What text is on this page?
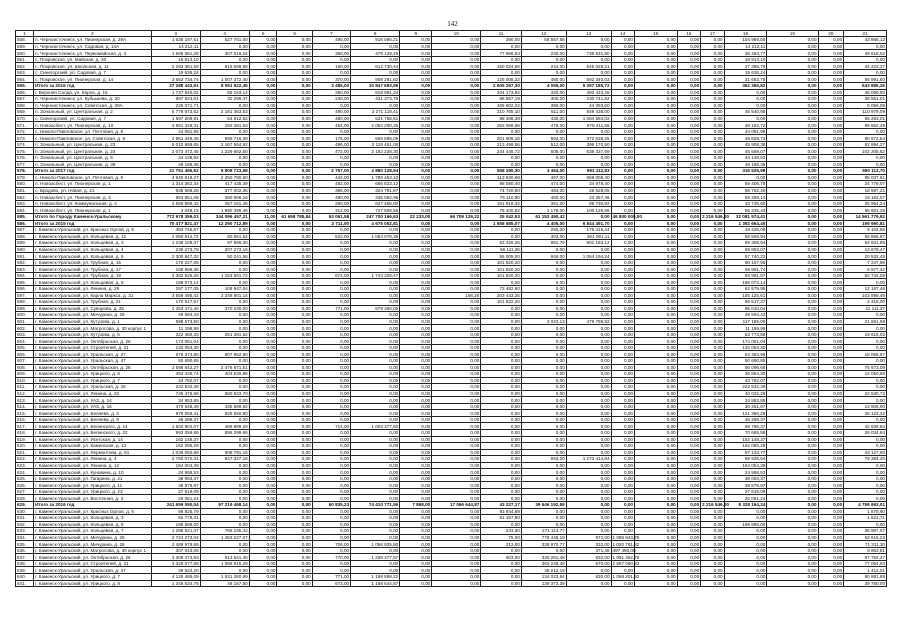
142
1	2	3	4	5	6	7	8	9	10	11	12	13	14	15	16	17	18	19	20	21
558.	п. Черноисточинск, ул. Пионерская, д. 29А	1 635 197,51	527 701,00	0,00	0,00	495,00	916 066,21	0,00	0,00	390,00	58 557,68	0,00	0,00	0,00	0,00	0,00	104 989,50	0,00	0,00	43 865,13
559.	п. Черноисточинск, ул. Садовая, д. 14А	14 212,11	0,00	0,00	0,00	0,00	0,00	0,00	0,00	0,00	0,00	0,00	0,00	0,00	0,00	0,00	14 212,11	0,00	0,00	0,00
560.	п. Черноисточинск, ул. Первомайская, д. 4	1 669 681,28	307 516,24	0,00	0,00	360,00	479 129,45	0,00	0,00	77 956,83	230,00	738 631,80	0,00	0,00	0,00	0,00	38 484,77	0,00	0,00	49 618,02
561.	с. Покровское, ул. Майская, д. 30	18 913,10	0,00	0,00	0,00	0,00	0,00	0,00	0,00	0,00	0,00	0,00	0,00	0,00	0,00	0,00	18 913,10	0,00	0,00	0,00
562.	с. Покровское, ул. Школьная, д. 11	2 293 361,69	915 698,68	0,00	0,00	160,00	612 730,44	0,00	0,00	150 024,68	244,00	545 029,21	0,00	0,00	0,00	0,00	27 385,79	0,00	0,00	44 223,37
563.	с. Синегорский, ул. Садовая, д. 7	19 636,24	0,00	0,00	0,00	0,00	0,00	0,00	0,00	0,00	0,00	0,00	0,00	0,00	0,00	0,00	19 636,24	0,00	0,00	0,00
564.	с. Покровское, ул. Пионерская, д. 14	3 652 734,74	1 007 372,40	0,00	0,00	370,00	908 281,62	0,00	0,00	125 005,22	480,00	592 340,03	0,00	0,00	0,00	0,00	31 663,76	0,00	0,00	56 991,60
565.	Итого за 2016 год	27 288 443,91	8 051 922,45	0,00	0,00	3 485,00	10 847 683,96	0,00	0,00	2 605 297,30	4 095,00	5 397 185,72	0,00	0,00	0,00	0,00	362 366,82	0,00	0,00	643 885,26
566.	г. Верхняя Салда, ул. Карла, д. 15	1 727 840,02	65 163,14	0,00	0,00	350,00	818 981,34	0,00	0,00	334 173,94	320,00	493 423,28	0,00	0,00	0,00	0,00	0,00	0,00	0,00	46 099,50
567.	п. Черноисточинск, ул. Кубышева, д. 30	897 823,01	30 299,47	0,00	0,00	230,00	431 373,78	0,00	0,00	86 857,19	300,00	230 741,82	0,00	0,00	0,00	0,00	0,00	0,00	0,00	38 551,01
568.	п. Черноисточинск, ул. Советская, д. 39А	225 071,71	0,00	0,00	0,00	0,00	0,00	0,00	0,00	165 602,22	390,00	44 393,60	0,00	0,00	0,00	0,00	0,00	0,00	0,00	5 056,09
569.	п. Зональный, ул. Центральная, д. 2	5 778 673,62	2 181 363,63	0,00	0,00	490,00	2 271 118,41	0,00	0,00	210 765,10	511,00	849 438,00	0,00	0,00	0,00	0,00	45 540,95	0,00	0,00	110 979,09
570.	с. Синегорский, ул. Садовая, д. 7	1 597 209,91	64 812,52	0,00	0,00	480,00	531 756,51	0,00	0,00	88 488,38	430,00	1 064 584,02	0,00	0,00	0,00	0,00	0,00	0,00	0,00	55 283,01
571.	п. Новоасбест, ул. Пионерская, д. 10	4 961 329,31	192 281,53	0,00	0,00	484,00	2 062 200,35	0,00	0,00	283 069,68	476,00	879 411,58	0,00	0,00	0,00	0,00	48 162,72	0,00	0,00	99 862,49
572.	с. Николо-Павловское, ул. Почтовая, д. 8	44 081,96	0,00	0,00	0,00	0,00	0,00	0,00	0,00	0,00	0,00	0,00	0,00	0,00	0,00	0,00	44 081,96	0,00	0,00	0,00
573.	с. Николо-Павловское, ул. Советская, д. 8	2 961 449,46	695 716,39	0,00	0,00	176,00	665 695,09	0,00	0,00	201 606,16	504,00	372 535,25	0,00	0,00	0,00	0,00	45 829,73	0,00	0,00	80 572,54
574.	п. Зональный, ул. Центральная, д. 23	5 010 869,65	2 167 564,92	0,00	0,00	496,00	2 115 451,08	0,00	0,00	213 499,56	512,00	396 170,50	0,00	0,00	0,00	0,00	45 908,38	0,00	0,00	82 994,27
575.	п. Зональный, ул. Центральная, д. 24	2 073 472,45	1 229 662,50	0,00	0,00	472,00	2 182 238,30	0,00	0,00	244 445,72	506,00	638 337,69	0,00	0,00	0,00	0,00	45 558,07	0,00	0,00	102 205,62
576.	п. Зональный, ул. Центральная, д. 6	44 138,92	0,00	0,00	0,00	0,00	0,00	0,00	0,00	0,00	0,00	0,00	0,00	0,00	0,00	0,00	44 138,92	0,00	0,00	0,00
577.	п. Зональный, ул. Центральная, д. 39	49 188,36	0,00	0,00	0,00	0,00	0,00	0,00	0,00	0,00	0,00	0,00	0,00	0,00	0,00	0,00	49 188,36	0,00	0,00	0,00
578.	Итого за 2017 год	21 751 456,52	5 908 723,68	0,00	0,00	2 757,00	4 880 128,94	0,00	0,00	558 290,30	3 464,00	981 112,83	0,00	0,00	0,00	0,00	316 526,98	0,00	0,00	590 113,70
579.	с. Николо-Павловское, ул. Почтовая, д. 9	4 640 918,27	2 250 780,60	0,00	0,00	442,00	1 786 453,10	0,00	0,00	113 630,98	467,00	659 008,40	0,00	0,00	0,00	0,00	0,00	0,00	0,00	95 037,61
580.	п. Новоасбест, ул. Пионерская, д. 1	1 314 382,34	417 435,39	0,00	0,00	482,00	666 823,12	0,00	0,00	98 080,40	474,00	34 978,40	0,00	0,00	0,00	0,00	59 406,79	0,00	0,00	24 778,07
581.	с. Бродово, ул. Новая, д. 21	935 668,28	377 002,35	0,00	0,00	396,00	324 791,87	0,00	0,00	74 720,80	494,00	26 528,05	0,00	0,00	0,00	0,00	58 752,40	0,00	0,00	18 597,21
582.	п. Новоасбест, ул. Пионерская, д. 3	963 851,08	390 906,16	0,00	0,00	480,00	335 062,96	0,00	0,00	75 110,90	450,00	23 357,46	0,00	0,00	0,00	0,00	59 289,14	0,00	0,00	19 162,07
583.	п. Новоасбест, ул. Коммунальная, д. 4	2 656 899,42	457 181,45	0,00	0,00	290,00	627 466,00	0,00	0,00	161 818,34	381,00	95 730,92	0,00	0,00	0,00	0,00	33 735,60	0,00	0,00	35 954,24
584.	п. Новоасбест, ул. Пионерская, д. 1	3 048,15	1 990 399,46	0,00	0,00	312,00	727 508,56	0,00	0,00	76 100,62	1 178,00	100 126,86	0,00	0,00	0,00	0,00	55 235,43	0,00	0,00	56 601,28
585.	Итого по Городу Каменск-Уральскому	772 978 359,03	344 096 457,21	11,00	61 659 785,84	63 061,58	247 700 166,63	22 233,00	66 709 129,22	25 042,53	61 153 490,42	0,00	46 800 000,00	0,00	0,00	2 216 546,00	32 081 574,41	0,00	0,00	14 961 779,92
586.	Итого за 2015 год	70 477 821,47	12 290 712,89	0,00	0,00	2 711,00	4 675 052,81	0,00	0,00	1 658 585,07	4 405,00	6 844 491,70	0,00	0,00	0,00	0,00	1 392 664,45	0,00	0,00	199 990,81
587.	г. Каменск-Уральский, ул. Красных Орлов, д. 6	383 745,67	0,00	0,00	0,00	0,00	0,00	0,00	0,00	0,00	250,00	175 416,44	0,00	0,00	0,00	0,00	19 225,09	0,00	0,00	9 102,56
588.	г. Каменск-Уральский, ул. Кольцевая, д. 12	2 080 812,72	80 661,64	0,00	0,00	522,00	1 054 078,36	0,00	0,00	0,00	303,00	361 091,11	0,00	0,00	0,00	0,00	58 559,94	0,00	0,00	55 866,87
589.	г. Каменск-Уральский, ул. Кольцевая, д. 3	1 238 109,37	97 896,30	0,00	0,00	0,00	0,00	0,00	0,00	53 426,36	981,79	901 183,12	0,00	0,00	0,00	0,00	59 359,94	0,00	0,00	54 831,86
590.	г. Каменск-Уральский, ул. Кольцевая, д. 4	236 273,78	207 273,16	0,00	0,00	0,00	0,00	0,00	0,00	56 111,36	0,00	0,00	0,00	0,00	0,00	0,00	59 853,07	0,00	0,00	13 678,47
591.	г. Каменск-Уральский, ул. Кольцевая, д. 6	2 300 847,32	50 241,56	0,00	0,00	0,00	0,00	0,00	0,00	55 005,00	846,00	1 064 194,24	0,00	0,00	0,00	0,00	57 740,22	0,00	0,00	20 532,48
592.	г. Каменск-Уральский, ул. Трубная, д. 15	170 227,06	0,00	0,00	0,00	0,00	0,00	0,00	0,00	101 820,20	0,00	0,00	0,00	0,00	0,00	0,00	60 167,96	0,00	0,00	7 247,98
593.	г. Каменск-Уральский, ул. Трубная, д. 17	169 989,36	0,00	0,00	0,00	0,00	0,00	0,00	0,00	101 820,20	0,00	0,00	0,00	0,00	0,00	0,00	59 991,74	0,00	0,00	6 977,42
594.	г. Каменск-Уральский, ул. Трубная, д. 19	2 382 526,26	1 153 661,72	0,00	0,00	674,00	1 743 326,47	0,00	0,00	101 820,20	0,00	0,00	0,00	0,00	0,00	0,00	93 981,87	0,00	0,00	92 742,09
595.	г. Каменск-Уральский, ул. Кольцевая, д. 8	186 073,14	0,00	0,00	0,00	0,00	0,00	0,00	0,00	0,00	0,00	0,00	0,00	0,00	0,00	0,00	186 073,14	0,00	0,00	0,00
596.	г. Каменск-Уральский, ул. Ленина, д. 29	297 177,05	108 947,04	0,00	0,00	0,00	0,00	0,00	0,00	73 482,60	0,00	0,00	0,00	0,00	0,00	0,00	62 579,95	0,00	0,00	12 167,46
597.	г. Каменск-Уральский, ул. Карла Маркса, д. 31	3 559 495,42	3 248 901,14	0,00	0,00	0,00	0,00	0,00	156,20	203 443,25	0,00	0,00	0,00	0,00	0,00	0,00	155 125,61	0,00	0,00	103 898,49
598.	г. Каменск-Уральский, ул. Трубная, д. 21	170 617,57	0,00	0,00	0,00	0,00	0,00	0,00	0,00	101 822,20	0,00	0,00	0,00	0,00	0,00	0,00	66 517,37	0,00	0,00	2 318,00
599.	г. Каменск-Уральский, ул. Суворова, д. 25	2 353 471,40	370 230,00	0,00	0,00	771,00	879 360,00	0,00	0,00	0,00	0,00	0,00	0,00	0,00	0,00	0,00	95 010,04	0,00	0,00	41 111,27
600.	г. Каменск-Уральский, ул. Мичурина, д. 28	49 594,43	0,00	0,00	0,00	0,00	0,00	0,00	0,00	0,00	0,00	0,00	0,00	0,00	0,00	0,00	49 594,43	0,00	0,00	0,00
601.	г. Каменск-Уральский, ул. Кутузова, д. 1	598 573,50	0,00	0,00	0,00	0,00	0,00	0,00	0,00	0,00	3 023,13	479 798,82	0,00	0,00	0,00	0,00	117 189,00	0,00	0,00	21 661,98
602.	г. Каменск-Уральский, ул. Матросова, д. 30 корпус 1	11 199,99	0,00	0,00	0,00	0,00	0,00	0,00	0,00	0,00	0,00	0,00	0,00	0,00	0,00	0,00	11 199,99	0,00	0,00	0,00
603.	г. Каменск-Уральский, ул. Кутузова, д. 5	322 460,33	251 391,62	0,00	0,00	0,00	0,00	0,00	0,00	0,00	0,00	0,00	0,00	0,00	0,00	0,00	53 773,88	0,00	0,00	19 616,02
604.	г. Каменск-Уральский, ул. Октябрьская, д. 26	174 061,04	0,00	0,00	0,00	0,00	0,00	0,00	0,00	0,00	0,00	0,00	0,00	0,00	0,00	0,00	174 061,04	0,00	0,00	0,00
605.	г. Каменск-Уральский, ул. Строителей, д. 21	132 053,30	0,00	0,00	0,00	0,00	0,00	0,00	0,00	0,00	0,00	0,00	0,00	0,00	0,00	0,00	132 053,30	0,00	0,00	0,00
606.	г. Каменск-Уральский, ул. Уральская, д. 27	678 374,80	607 852,80	0,00	0,00	0,00	0,00	0,00	0,00	0,00	0,00	0,00	0,00	0,00	0,00	0,00	53 484,98	0,00	0,00	18 056,97
607.	г. Каменск-Уральский, ул. Уральская, д. 47	50 690,85	0,00	0,00	0,00	0,00	0,00	0,00	0,00	0,00	0,00	0,00	0,00	0,00	0,00	0,00	50 690,85	0,00	0,00	0,00
608.	г. Каменск-Уральский, ул. Октябрьская, д. 28	2 598 642,27	2 476 871,51	0,00	0,00	0,00	0,00	0,00	0,00	0,00	0,00	0,00	0,00	0,00	0,00	0,00	56 096,66	0,00	0,00	75 673,09
609.	г. Каменск-Уральский, ул. Урицкого, д. 6	453 435,74	404 530,88	0,00	0,00	0,00	0,00	0,00	0,00	0,00	0,00	0,00	0,00	0,00	0,00	0,00	36 854,30	0,00	0,00	12 050,56
610.	г. Каменск-Уральский, ул. Урицкого, д. 7	43 782,07	0,00	0,00	0,00	0,00	0,00	0,00	0,00	0,00	0,00	0,00	0,00	0,00	0,00	0,00	43 782,07	0,00	0,00	0,00
611.	г. Каменск-Уральский, ул. Уральская, д. 25	222 532,39	0,00	0,00	0,00	0,00	0,00	0,00	0,00	0,00	0,00	0,00	0,00	0,00	0,00	0,00	222 532,39	0,00	0,00	0,00
612.	г. Каменск-Уральский, ул. Ленина, д. 22	745 476,68	680 923,70	0,00	0,00	0,00	0,00	0,00	0,00	0,00	0,00	0,00	0,00	0,00	0,00	0,00	40 022,26	0,00	0,00	22 530,72
613.	г. Каменск-Уральский, ул. УАЗ, д. 14	34 853,85	0,00	0,00	0,00	0,00	0,00	0,00	0,00	0,00	0,00	0,00	0,00	0,00	0,00	0,00	34 853,85	0,00	0,00	0,00
614.	г. Каменск-Уральский, ул. УАЗ, д. 16	479 648,49	435 589,92	0,00	0,00	0,00	0,00	0,00	0,00	0,00	0,00	0,00	0,00	0,00	0,00	0,00	30 451,67	0,00	0,00	13 606,90
615.	г. Каменск-Уральский, ул. Беляева, д. 3	979 069,41	829 550,80	0,00	0,00	0,00	0,00	0,00	0,00	0,00	0,00	0,00	0,00	0,00	0,00	0,00	121 396,29	0,00	0,00	28 122,32
616.	г. Каменск-Уральский, ул. Беляева, д. 9	46 289,37	0,00	0,00	0,00	0,00	0,00	0,00	0,00	0,00	0,00	0,00	0,00	0,00	0,00	0,00	46 289,37	0,00	0,00	0,00
617.	г. Каменск-Уральский, ул. Белинского, д. 14	1 502 904,07	469 989,28	0,00	0,00	714,00	1 003 377,60	0,00	0,00	0,00	0,00	0,00	0,00	0,00	0,00	0,00	69 766,37	0,00	0,00	42 839,84
618.	г. Каменск-Уральский, ул. Белинского, д. 22	993 059,86	896 299,66	0,00	0,00	0,00	0,00	0,00	0,00	0,00	0,00	0,00	0,00	0,00	0,00	0,00	70 665,59	0,00	0,00	26 034,84
619.	г. Каменск-Уральский, ул. Исетская, д. 14	162 148,37	0,00	0,00	0,00	0,00	0,00	0,00	0,00	0,00	0,00	0,00	0,00	0,00	0,00	0,00	162 148,37	0,00	0,00	0,00
620.	г. Каменск-Уральский, ул. Каменская, д. 12	162 095,29	0,00	0,00	0,00	0,00	0,00	0,00	0,00	0,00	0,00	0,00	0,00	0,00	0,00	0,00	162 095,29	0,00	0,00	0,00
621.	г. Каменск-Уральский, ул. Лермонтова, д. 61	1 039 050,89	908 791,16	0,00	0,00	0,00	0,00	0,00	0,00	0,00	0,00	0,00	0,00	0,00	0,00	0,00	87 133,77	0,00	0,00	43 127,90
622.	г. Каменск-Уральский, ул. Ленина, д. 4	2 760 070,31	847 327,18	0,00	0,00	0,00	0,00	0,00	0,00	0,00	593,00	1 273 414,84	0,00	0,00	0,00	0,00	58 926,64	0,00	0,00	79 384,20
623.	г. Каменск-Уральский, ул. Ленина, д. 12	164 004,39	0,00	0,00	0,00	0,00	0,00	0,00	0,00	0,00	0,00	0,00	0,00	0,00	0,00	0,00	164 004,39	0,00	0,00	0,00
624.	г. Каменск-Уральский, ул. Кунавина, д. 10	24 958,53	0,00	0,00	0,00	0,00	0,00	0,00	0,00	0,00	0,00	0,00	0,00	0,00	0,00	0,00	24 958,53	0,00	0,00	0,00
625.	г. Каменск-Уральский, ул. Гагарина, д. 21	38 093,37	0,00	0,00	0,00	0,00	0,00	0,00	0,00	0,00	0,00	0,00	0,00	0,00	0,00	0,00	38 093,37	0,00	0,00	0,00
626.	г. Каменск-Уральский, ул. Урицкого, д. 11	38 879,97	0,00	0,00	0,00	0,00	0,00	0,00	0,00	0,00	0,00	0,00	0,00	0,00	0,00	0,00	38 879,97	0,00	0,00	0,00
627.	г. Каменск-Уральский, ул. Урицкого, д. 23	27 619,09	0,00	0,00	0,00	0,00	0,00	0,00	0,00	0,00	0,00	0,00	0,00	0,00	0,00	0,00	27 619,09	0,00	0,00	0,00
628.	г. Каменск-Уральский, ул. Восточная, д. 3	20 061,24	0,00	0,00	0,00	0,00	0,00	0,00	0,00	0,00	0,00	0,00	0,00	0,00	0,00	0,00	20 061,24	0,00	0,00	0,00
629.	Итого за 2016 год	241 659 090,04	97 219 468,14	0,00	0,00	60 835,23	74 410 771,59	7 868,00	17 066 644,87	43 227,17	39 646 192,59	0,00	0,00	0,00	0,00	2 216 546,00	8 328 164,24	0,00	0,00	4 798 693,01
630.	г. Каменск-Уральский, ул. Красных Орлов, д. 6	95 825,79	0,00	0,00	0,00	0,00	0,00	0,00	0,00	93 944,89	0,00	0,00	0,00	0,00	0,00	0,00	0,00	0,00	0,00	1 878,90
631.	г. Каменск-Уральский, ул. Кольцевая, д. 3	82 779,31	0,00	0,00	0,00	0,00	0,00	0,00	0,00	81 157,80	0,00	0,00	0,00	0,00	0,00	0,00	0,00	0,00	0,00	1 621,71
632.	г. Каменск-Уральский, ул. Кольцевая, д. 8	199 896,00	0,00	0,00	0,00	0,00	0,00	0,00	0,00	0,00	0,00	0,00	0,00	0,00	0,00	0,00	199 896,00	0,00	0,00	0,00
633.	г. Каменск-Уральский, ул. Кольцевая, д. 7	1 288 921,37	766 235,42	0,00	0,00	0,00	0,00	0,00	0,00	233,30	271 114,77	0,00	0,00	0,00	0,00	0,00	0,00	0,00	0,00	35 987,07
634.	г. Каменск-Уральский, ул. Мичурина, д. 26	2 724 273,04	1 453 227,07	0,00	0,00	0,00	0,00	0,00	0,00	75,00	778 445,19	972,00	1 086 843,75	0,00	0,00	0,00	0,00	0,00	0,00	53 615,23
635.	г. Каменск-Уральский, ул. Мичурина, д. 28	2 489 979,69	0,00	0,00	0,00	706,00	1 056 935,80	0,00	0,00	212,00	338 970,77	332,00	1 020 761,82	0,00	0,00	0,00	0,00	0,00	0,00	71 311,30
636.	г. Каменск-Уральский, ул. Матросова, д. 30 корпус 1	307 043,06	0,00	0,00	0,00	0,00	0,00	0,00	0,00	0,00	0,00	371,45	497 490,00	0,00	0,00	0,00	0,00	0,00	0,00	9 953,81
637.	г. Каменск-Уральский, ул. Октябрьская, д. 26	3 306 473,93	613 541,46	0,00	0,00	770,00	1 338 377,87	0,00	0,00	903,00	330 281,48	932,00	1 091 462,75	0,00	0,00	0,00	0,00	0,00	0,00	87 762,27
638.	г. Каменск-Уральский, ул. Строителей, д. 21	3 328 077,68	1 066 915,29	0,00	0,00	0,00	0,00	0,00	0,00	0,00	363 248,48	570,00	2 567 090,83	0,00	0,00	0,00	0,00	0,00	0,00	77 064,93
639.	г. Каменск-Уральский, ул. Уральская, д. 47	39 624,20	0,00	0,00	0,00	0,00	0,00	0,00	0,00	0,00	38 212,19	0,00	0,00	0,00	0,00	0,00	0,00	0,00	0,00	1 412,01
640.	г. Каменск-Уральский, ул. Урицкого, д. 7	4 125 485,09	1 631 360,99	0,00	0,00	771,00	1 198 898,22	0,00	0,00	0,00	134 023,84	830,00	1 068 201,92	0,00	0,00	0,00	0,00	0,00	0,00	80 881,88
641.	г. Каменск-Уральский, ул. Урицкого, д. 8	1 348 534,76	46 157,50	0,00	0,00	673,00	1 158 544,87	0,00	0,00	0,00	139 373,39	0,00	0,00	0,00	0,00	0,00	0,00	0,00	0,00	39 780,00
